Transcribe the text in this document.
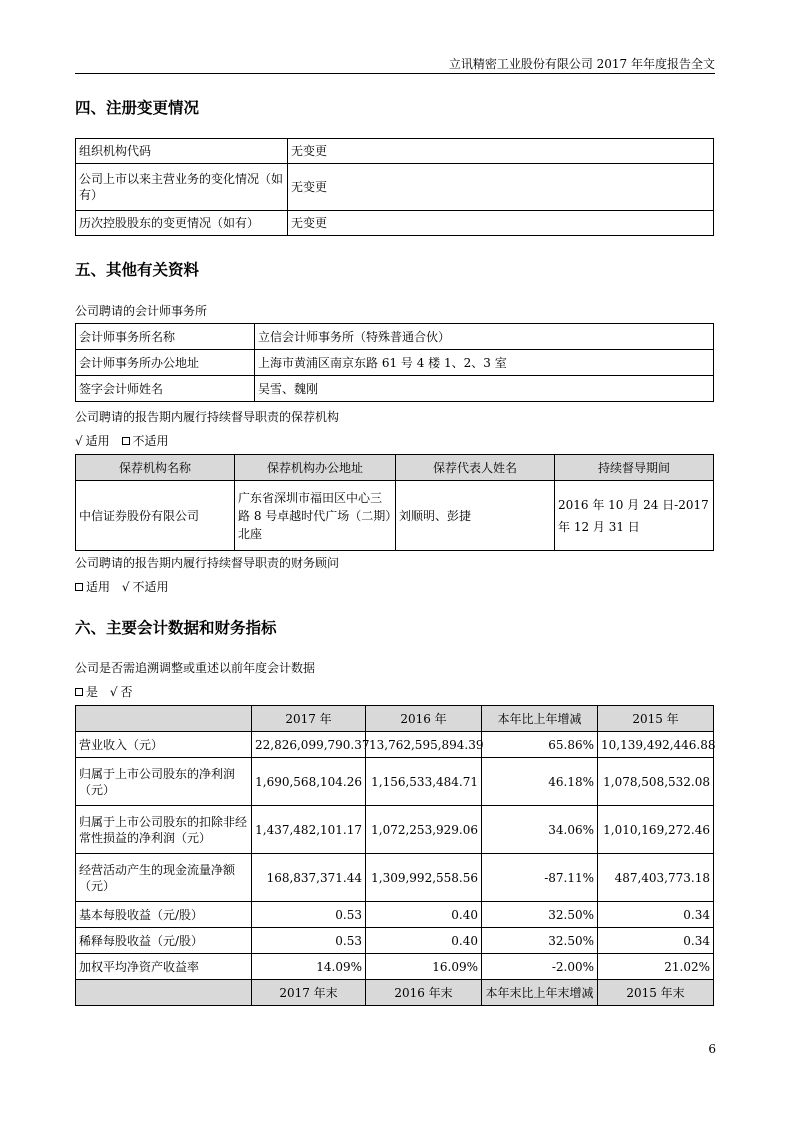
立讯精密工业股份有限公司 2017 年年度报告全文
四、注册变更情况
组织机构代码	无变更
公司上市以来主营业务的变化情况（如有）	无变更
历次控股股东的变更情况（如有）	无变更
五、其他有关资料
公司聘请的会计师事务所
会计师事务所名称	立信会计师事务所（特殊普通合伙）
会计师事务所办公地址	上海市黄浦区南京东路 61 号 4 楼 1、2、3 室
签字会计师姓名	吴雪、魏刚
公司聘请的报告期内履行持续督导职责的保荐机构
√ 适用 不适用
保荐机构名称	保荐机构办公地址	保荐代表人姓名	持续督导期间
中信证券股份有限公司	广东省深圳市福田区中心三路 8 号卓越时代广场（二期）北座	刘顺明、彭捷	2016 年 10 月 24 日-2017 年 12 月 31 日
公司聘请的报告期内履行持续督导职责的财务顾问
适用 √ 不适用
六、主要会计数据和财务指标
公司是否需追溯调整或重述以前年度会计数据
是 √ 否
	2017 年	2016 年	本年比上年增减	2015 年
营业收入（元）	22,826,099,790.37	13,762,595,894.39	65.86%	10,139,492,446.88
归属于上市公司股东的净利润（元）	1,690,568,104.26	1,156,533,484.71	46.18%	1,078,508,532.08
归属于上市公司股东的扣除非经常性损益的净利润（元）	1,437,482,101.17	1,072,253,929.06	34.06%	1,010,169,272.46
经营活动产生的现金流量净额（元）	168,837,371.44	1,309,992,558.56	-87.11%	487,403,773.18
基本每股收益（元/股）	0.53	0.40	32.50%	0.34
稀释每股收益（元/股）	0.53	0.40	32.50%	0.34
加权平均净资产收益率	14.09%	16.09%	-2.00%	21.02%
	2017 年末	2016 年末	本年末比上年末增减	2015 年末
6
